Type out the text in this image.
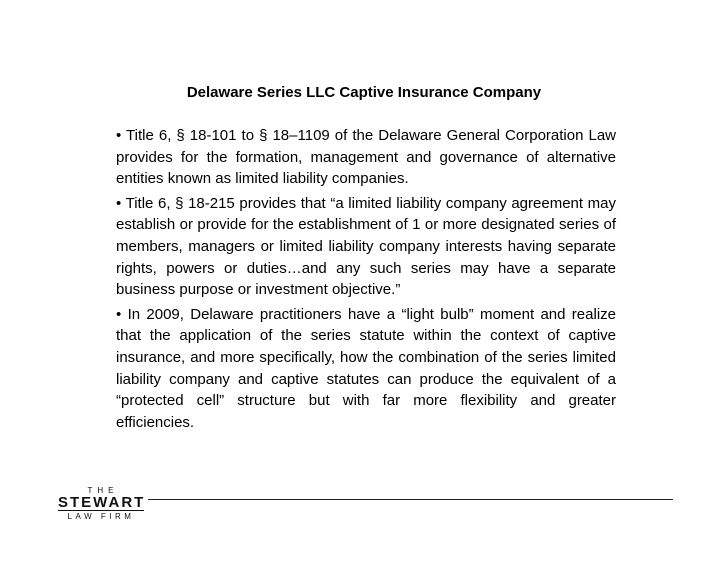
Delaware Series LLC Captive Insurance Company

• Title 6, § 18-101 to § 18–1109 of the Delaware General Corporation Law provides for the formation, management and governance of alternative entities known as limited liability companies.

• Title 6, § 18-215 provides that “a limited liability company agreement may establish or provide for the establishment of 1 or more designated series of members, managers or limited liability company interests having separate rights, powers or duties…and any such series may have a separate business purpose or investment objective.”

• In 2009, Delaware practitioners have a “light bulb” moment and realize that the application of the series statute within the context of captive insurance, and more specifically, how the combination of the series limited liability company and captive statutes can produce the equivalent of a “protected cell” structure but with far more flexibility and greater efficiencies.

THE
STEWART
LAW FIRM
